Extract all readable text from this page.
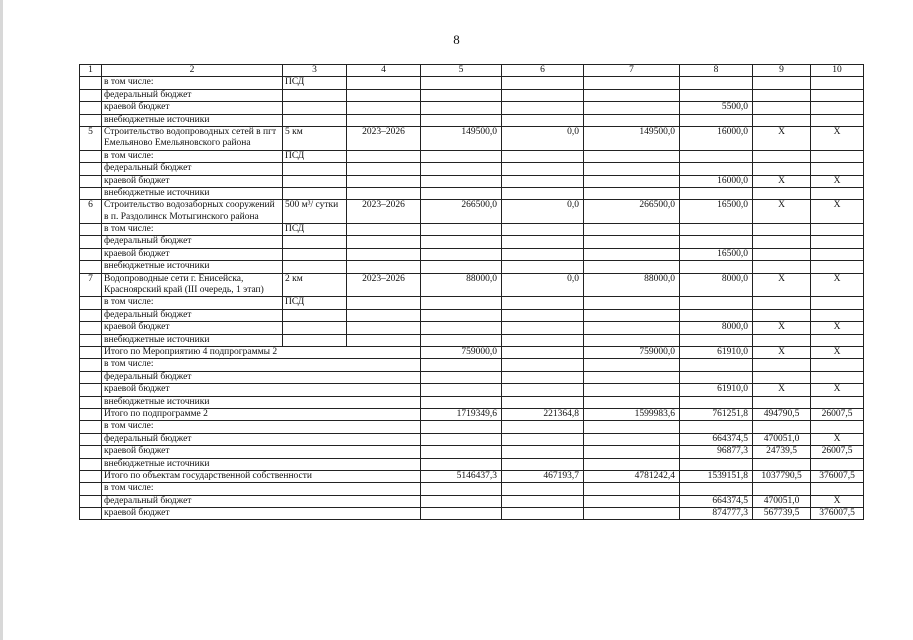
8
1	2	3	4	5	6	7	8	9	10
	в том числе:	ПСД							
	федеральный бюджет								
	краевой бюджет						5500,0		
	внебюджетные источники								
5	Строительство водопроводных сетей в пгт Емельяново Емельяновского района	5 км	2023–2026	149500,0	0,0	149500,0	16000,0	Х	Х
	в том числе:	ПСД							
	федеральный бюджет								
	краевой бюджет						16000,0	Х	Х
	внебюджетные источники								
6	Строительство водозаборных сооружений в п. Раздолинск Мотыгинского района	500 м³/ сутки	2023–2026	266500,0	0,0	266500,0	16500,0	Х	Х
	в том числе:	ПСД							
	федеральный бюджет								
	краевой бюджет						16500,0		
	внебюджетные источники								
7	Водопроводные сети г. Енисейска, Красноярский край (III очередь, 1 этап)	2 км	2023–2026	88000,0	0,0	88000,0	8000,0	Х	Х
	в том числе:	ПСД							
	федеральный бюджет								
	краевой бюджет						8000,0	Х	Х
	внебюджетные источники								
	Итого по Мероприятию 4 подпрограммы 2			759000,0		759000,0	61910,0	Х	Х
	в том числе:								
	федеральный бюджет								
	краевой бюджет						61910,0	Х	Х
	внебюджетные источники								
	Итого по подпрограмме 2			1719349,6	221364,8	1599983,6	761251,8	494790,5	26007,5
	в том числе:								
	федеральный бюджет						664374,5	470051,0	Х
	краевой бюджет						96877,3	24739,5	26007,5
	внебюджетные источники								
	Итого по объектам государственной собственности			5146437,3	467193,7	4781242,4	1539151,8	1037790,5	376007,5
	в том числе:								
	федеральный бюджет						664374,5	470051,0	Х
	краевой бюджет						874777,3	567739,5	376007,5
